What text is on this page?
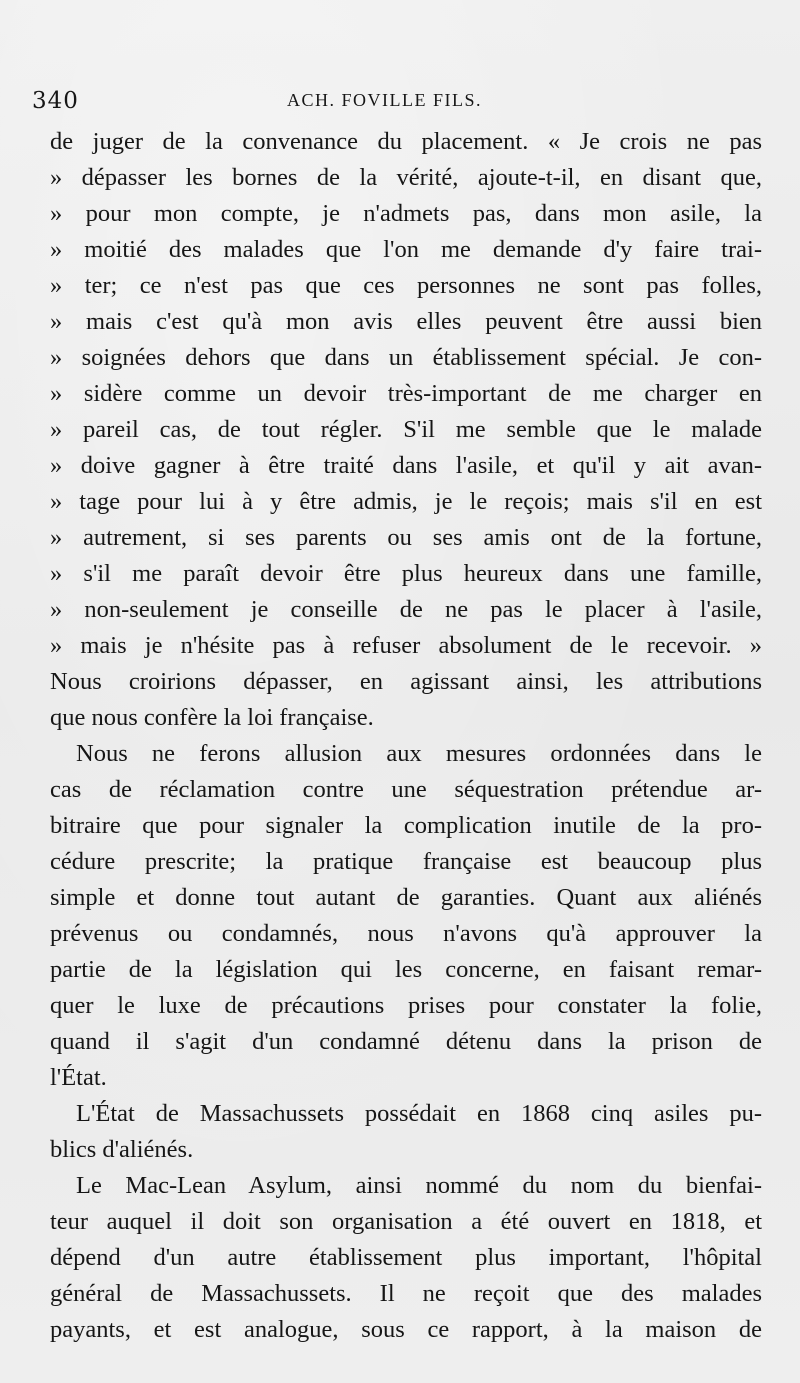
340	ACH. FOVILLE FILS.
de juger de la convenance du placement. « Je crois ne pas
» dépasser les bornes de la vérité, ajoute-t-il, en disant que,
» pour mon compte, je n'admets pas, dans mon asile, la
» moitié des malades que l'on me demande d'y faire trai-
» ter; ce n'est pas que ces personnes ne sont pas folles,
» mais c'est qu'à mon avis elles peuvent être aussi bien
» soignées dehors que dans un établissement spécial. Je con-
» sidère comme un devoir très-important de me charger en
» pareil cas, de tout régler. S'il me semble que le malade
» doive gagner à être traité dans l'asile, et qu'il y ait avan-
» tage pour lui à y être admis, je le reçois; mais s'il en est
» autrement, si ses parents ou ses amis ont de la fortune,
» s'il me paraît devoir être plus heureux dans une famille,
» non-seulement je conseille de ne pas le placer à l'asile,
» mais je n'hésite pas à refuser absolument de le recevoir. »
Nous croirions dépasser, en agissant ainsi, les attributions
que nous confère la loi française.
Nous ne ferons allusion aux mesures ordonnées dans le
cas de réclamation contre une séquestration prétendue ar-
bitraire que pour signaler la complication inutile de la pro-
cédure prescrite; la pratique française est beaucoup plus
simple et donne tout autant de garanties. Quant aux aliénés
prévenus ou condamnés, nous n'avons qu'à approuver la
partie de la législation qui les concerne, en faisant remar-
quer le luxe de précautions prises pour constater la folie,
quand il s'agit d'un condamné détenu dans la prison de
l'État.
L'État de Massachussets possédait en 1868 cinq asiles pu-
blics d'aliénés.
Le Mac-Lean Asylum, ainsi nommé du nom du bienfai-
teur auquel il doit son organisation a été ouvert en 1818, et
dépend d'un autre établissement plus important, l'hôpital
général de Massachussets. Il ne reçoit que des malades
payants, et est analogue, sous ce rapport, à la maison de
